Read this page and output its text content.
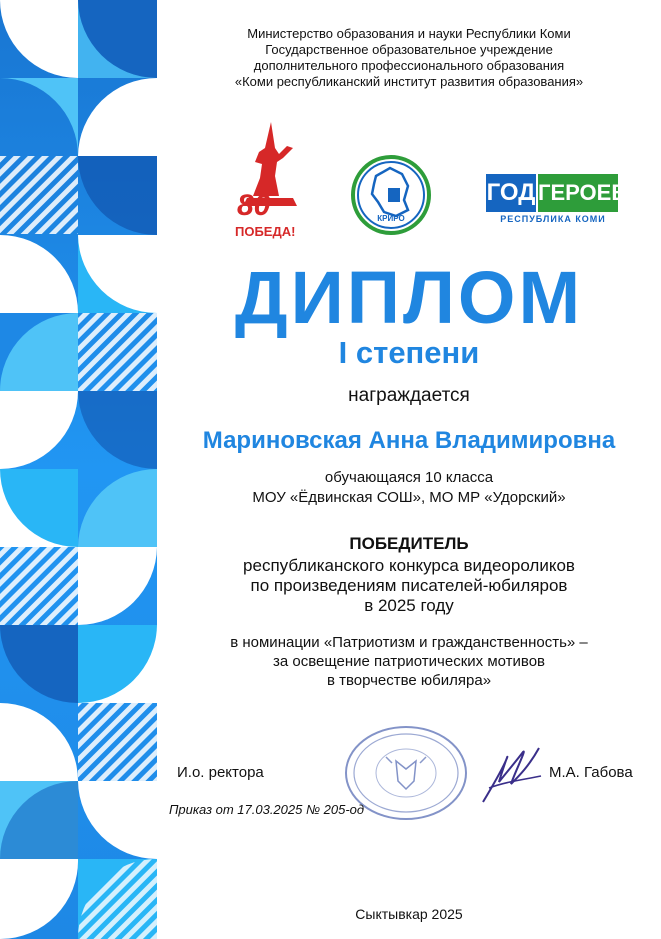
Министерство образования и науки Республики Коми
Государственное образовательное учреждение
дополнительного профессионального образования
«Коми республиканский институт развития образования»
80
ПОБЕДА!
КРИРО
ГОД ГЕРОЕВ
РЕСПУБЛИКА КОМИ
ДИПЛОМ
I степени
награждается
Мариновская Анна Владимировна
обучающаяся 10 класса
МОУ «Ёдвинская СОШ», МО МР «Удорский»
ПОБЕДИТЕЛЬ
республиканского конкурса видеороликов
по произведениям писателей-юбиляров
в 2025 году
в номинации «Патриотизм и гражданственность» –
за освещение патриотических мотивов
в творчестве юбиляра»
И.о. ректора	М.А. Габова
Приказ от 17.03.2025 № 205-од
Сыктывкар 2025
